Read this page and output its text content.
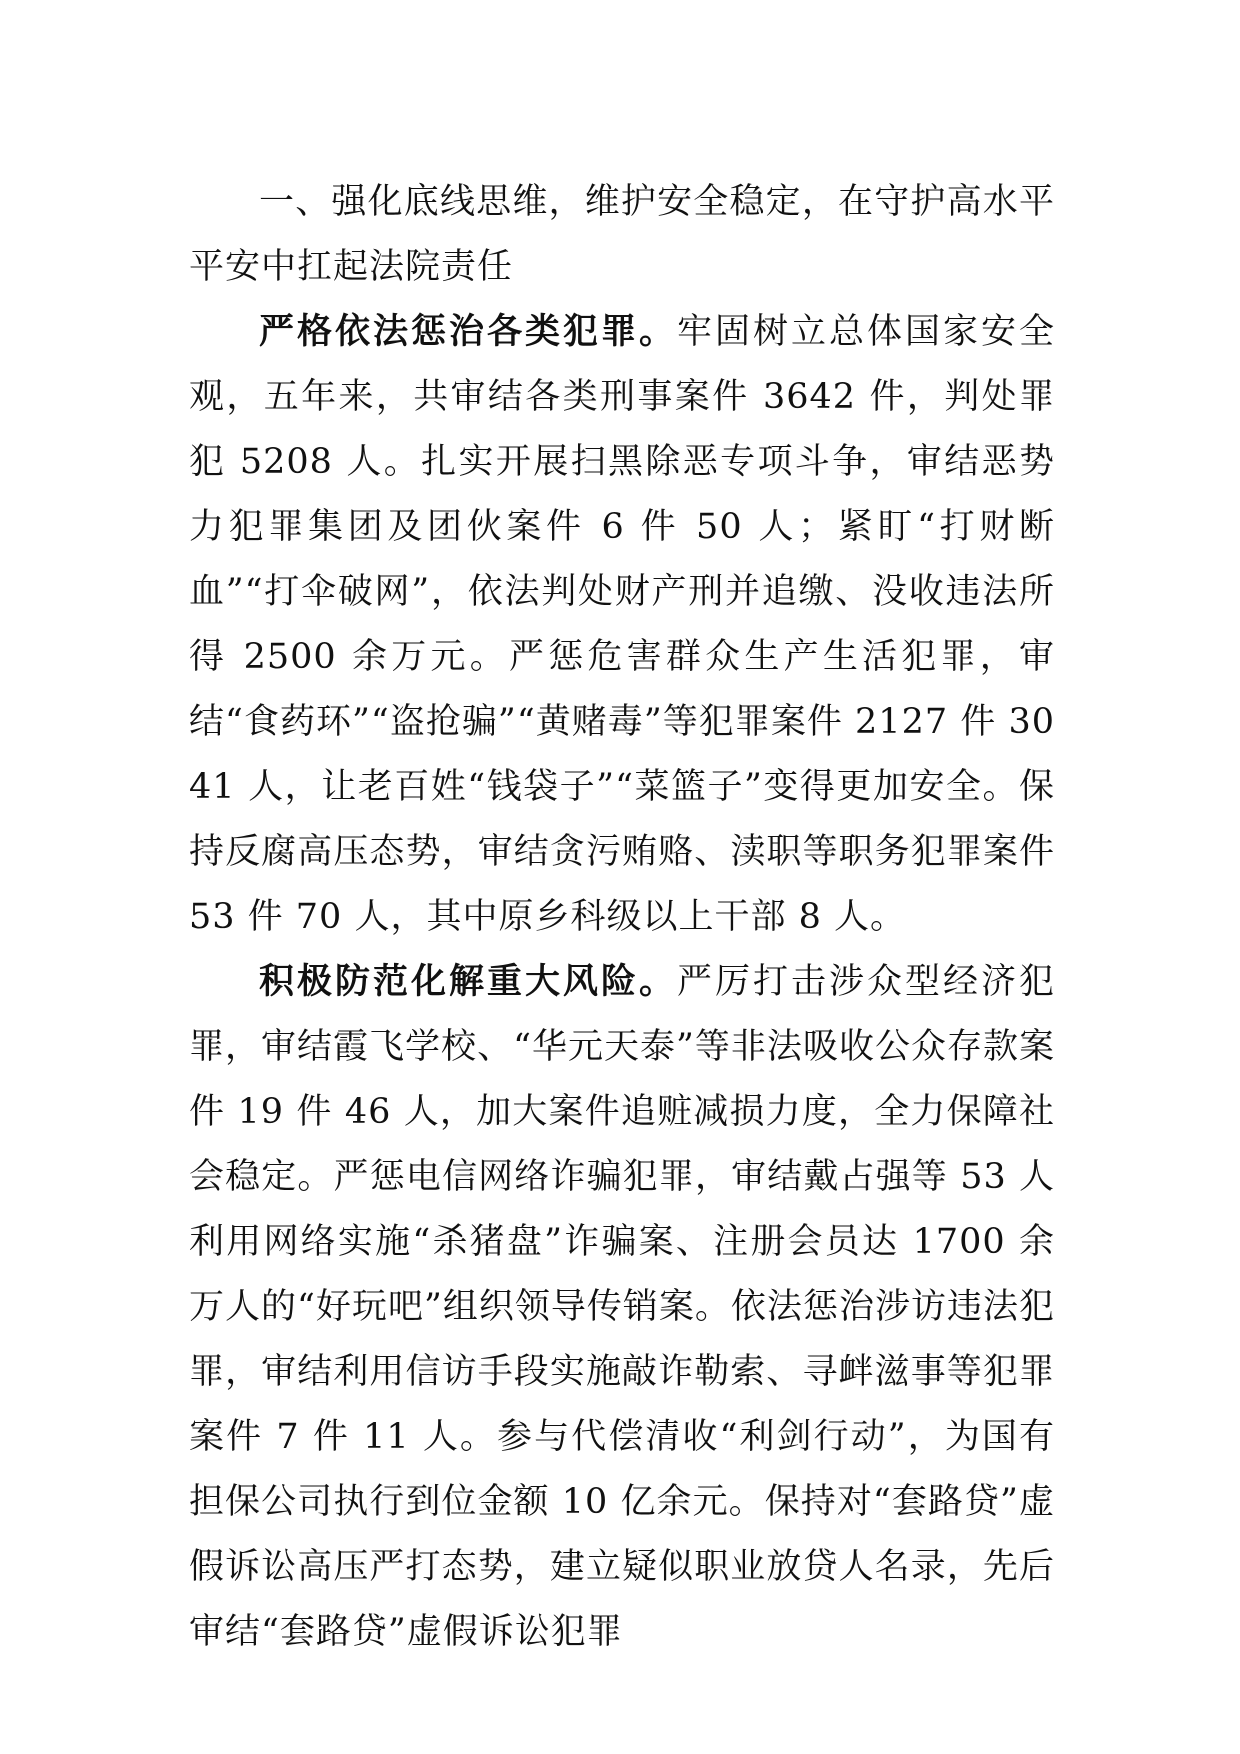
一、强化底线思维，维护安全稳定，在守护高水平平安中扛起法院责任

严格依法惩治各类犯罪。牢固树立总体国家安全观，五年来，共审结各类刑事案件 3642 件，判处罪犯 5208 人。扎实开展扫黑除恶专项斗争，审结恶势力犯罪集团及团伙案件 6 件 50 人；紧盯“打财断血”“打伞破网”，依法判处财产刑并追缴、没收违法所得 2500 余万元。严惩危害群众生产生活犯罪，审结“食药环”“盗抢骗”“黄赌毒”等犯罪案件 2127 件 3041 人，让老百姓“钱袋子”“菜篮子”变得更加安全。保持反腐高压态势，审结贪污贿赂、渎职等职务犯罪案件 53 件 70 人，其中原乡科级以上干部 8 人。

积极防范化解重大风险。严厉打击涉众型经济犯罪，审结霞飞学校、“华元天泰”等非法吸收公众存款案件 19 件 46 人，加大案件追赃减损力度，全力保障社会稳定。严惩电信网络诈骗犯罪，审结戴占强等 53 人利用网络实施“杀猪盘”诈骗案、注册会员达 1700 余万人的“好玩吧”组织领导传销案。依法惩治涉访违法犯罪，审结利用信访手段实施敲诈勒索、寻衅滋事等犯罪案件 7 件 11 人。参与代偿清收“利剑行动”，为国有担保公司执行到位金额 10 亿余元。保持对“套路贷”虚假诉讼高压严打态势，建立疑似职业放贷人名录，先后审结“套路贷”虚假诉讼犯罪
